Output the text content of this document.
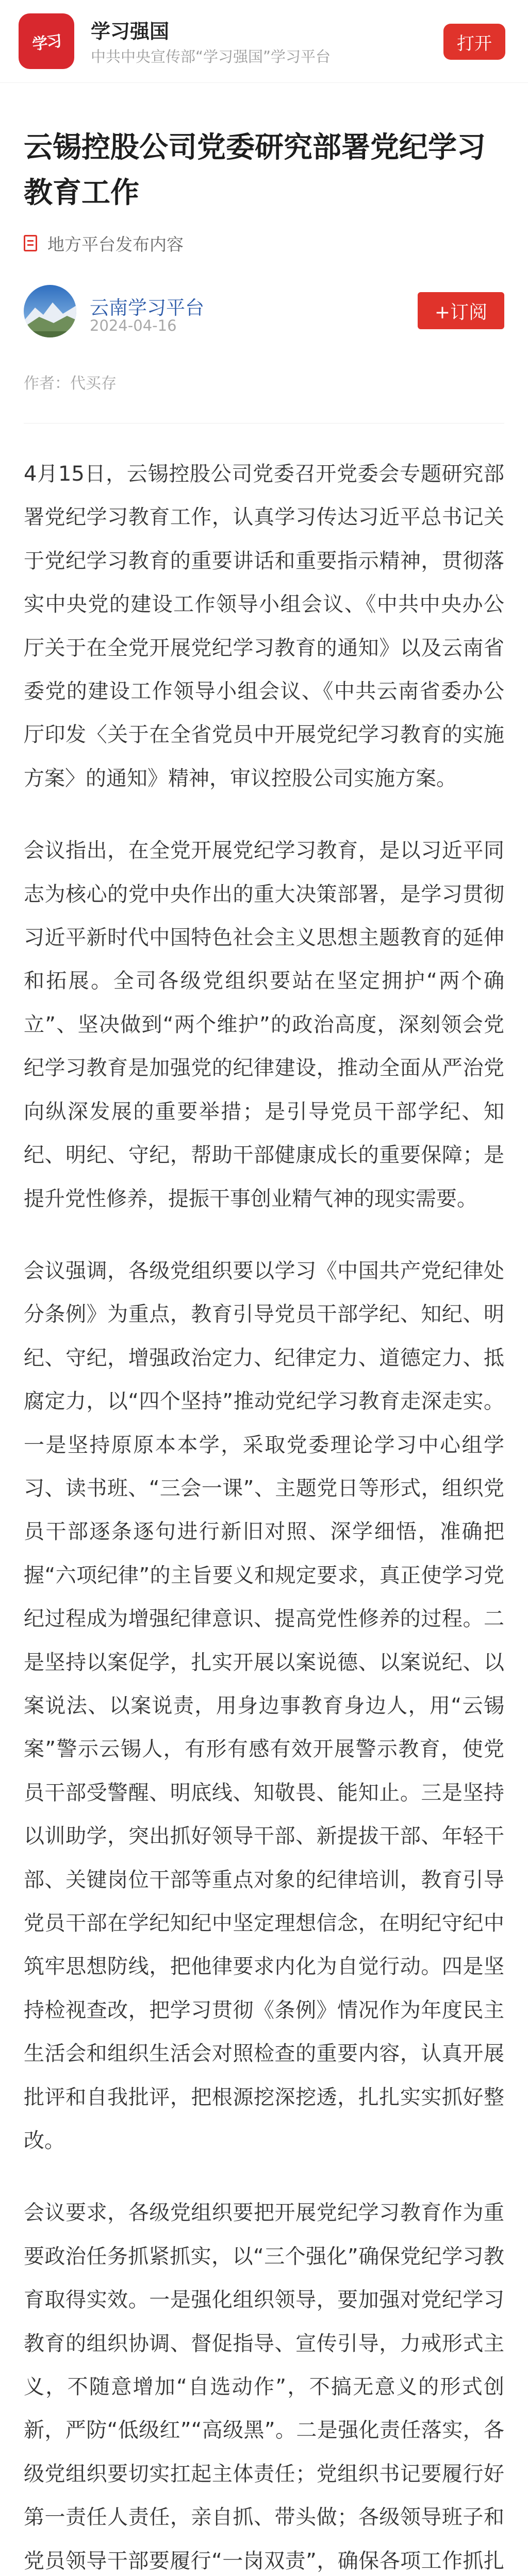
学习
学习强国
中共中央宣传部“学习强国”学习平台
打开
云锡控股公司党委研究部署党纪学习教育工作
地方平台发布内容
云南学习平台
2024-04-16
+订阅
作者：代买存

4月15日，云锡控股公司党委召开党委会专题研究部署党纪学习教育工作，认真学习传达习近平总书记关于党纪学习教育的重要讲话和重要指示精神，贯彻落实中央党的建设工作领导小组会议、《中共中央办公厅关于在全党开展党纪学习教育的通知》以及云南省委党的建设工作领导小组会议、《中共云南省委办公厅印发〈关于在全省党员中开展党纪学习教育的实施方案〉的通知》精神，审议控股公司实施方案。

会议指出，在全党开展党纪学习教育，是以习近平同志为核心的党中央作出的重大决策部署，是学习贯彻习近平新时代中国特色社会主义思想主题教育的延伸和拓展。全司各级党组织要站在坚定拥护“两个确立”、坚决做到“两个维护”的政治高度，深刻领会党纪学习教育是加强党的纪律建设，推动全面从严治党向纵深发展的重要举措；是引导党员干部学纪、知纪、明纪、守纪，帮助干部健康成长的重要保障；是提升党性修养，提振干事创业精气神的现实需要。

会议强调，各级党组织要以学习《中国共产党纪律处分条例》为重点，教育引导党员干部学纪、知纪、明纪、守纪，增强政治定力、纪律定力、道德定力、抵腐定力，以“四个坚持”推动党纪学习教育走深走实。一是坚持原原本本学，采取党委理论学习中心组学习、读书班、“三会一课”、主题党日等形式，组织党员干部逐条逐句进行新旧对照、深学细悟，准确把握“六项纪律”的主旨要义和规定要求，真正使学习党纪过程成为增强纪律意识、提高党性修养的过程。二是坚持以案促学，扎实开展以案说德、以案说纪、以案说法、以案说责，用身边事教育身边人，用“云锡案”警示云锡人，有形有感有效开展警示教育，使党员干部受警醒、明底线、知敬畏、能知止。三是坚持以训助学，突出抓好领导干部、新提拔干部、年轻干部、关键岗位干部等重点对象的纪律培训，教育引导党员干部在学纪知纪中坚定理想信念，在明纪守纪中筑牢思想防线，把他律要求内化为自觉行动。四是坚持检视查改，把学习贯彻《条例》情况作为年度民主生活会和组织生活会对照检查的重要内容，认真开展批评和自我批评，把根源挖深挖透，扎扎实实抓好整改。

会议要求，各级党组织要把开展党纪学习教育作为重要政治任务抓紧抓实，以“三个强化”确保党纪学习教育取得实效。一是强化组织领导，要加强对党纪学习教育的组织协调、督促指导、宣传引导，力戒形式主义，不随意增加“自选动作”，不搞无意义的形式创新，严防“低级红”“高级黑”。二是强化责任落实，各级党组织要切实扛起主体责任；党组织书记要履行好第一责任人责任，亲自抓、带头做；各级领导班子和党员领导干部要履行“一岗双责”，确保各项工作抓扎
